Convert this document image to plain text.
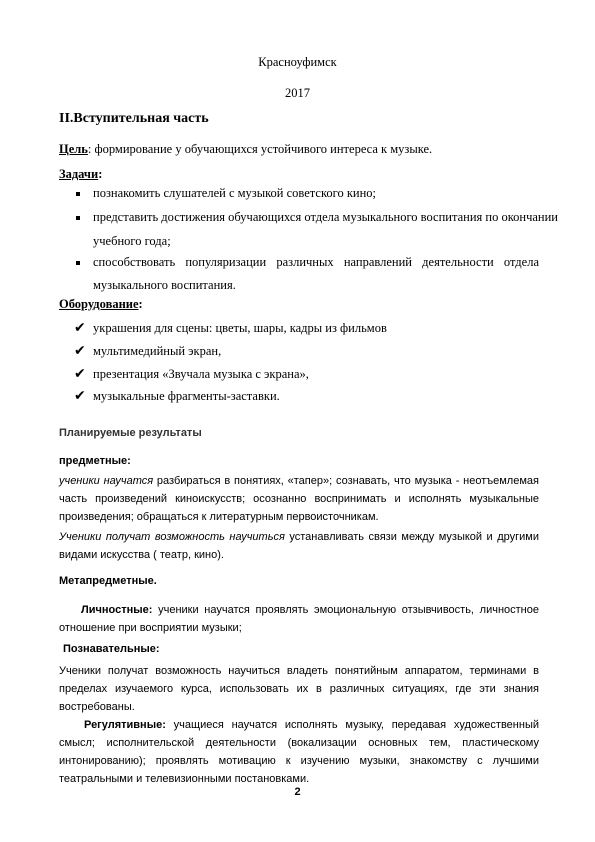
Красноуфимск
2017
II.Вступительная часть
Цель: формирование у обучающихся устойчивого интереса к музыке.
Задачи:
познакомить слушателей с музыкой советского кино;
представить достижения обучающихся отдела музыкального воспитания по окончании
учебного года;
способствовать популяризации различных направлений деятельности отдела
музыкального воспитания.
Оборудование:
✔ украшения для сцены: цветы, шары, кадры из фильмов
✔ мультимедийный экран,
✔ презентация «Звучала музыка с экрана»,
✔ музыкальные фрагменты-заставки.
Планируемые результаты
предметные:
ученики научатся разбираться в понятиях, «тапер»; сознавать, что музыка - неотъемлемая
часть произведений киноискусств; осознанно воспринимать и исполнять музыкальные
произведения; обращаться к литературным первоисточникам.
Ученики получат возможность научиться устанавливать связи между музыкой и другими
видами искусства ( театр, кино).
Метапредметные.
Личностные: ученики научатся проявлять эмоциональную отзывчивость, личностное
отношение при восприятии музыки;
Познавательные:
Ученики получат возможность научиться владеть понятийным аппаратом, терминами в
пределах изучаемого курса, использовать их в различных ситуациях, где эти знания
востребованы.
Регулятивные: учащиеся научатся исполнять музыку, передавая художественный
смысл; исполнительской деятельности (вокализации основных тем, пластическому
интонированию); проявлять мотивацию к изучению музыки, знакомству с лучшими
театральными и телевизионными постановками.
2
